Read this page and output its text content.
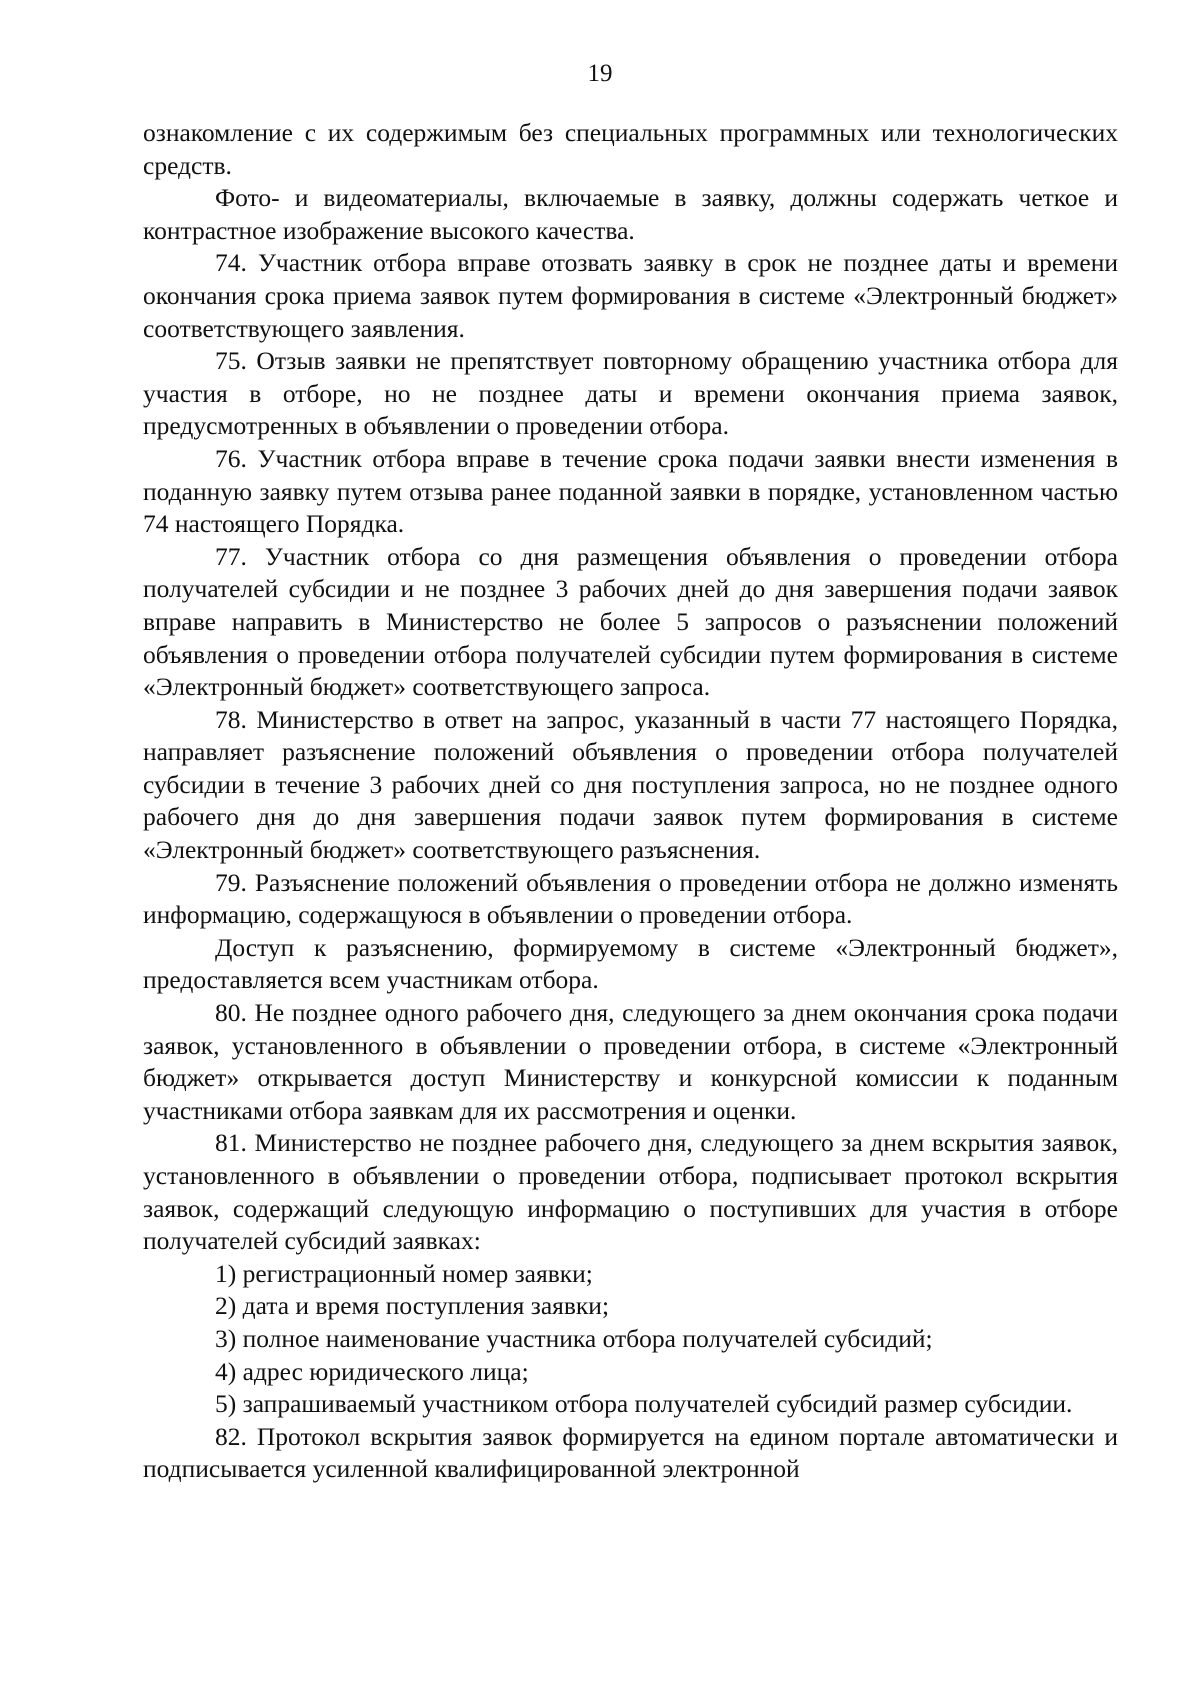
19

ознакомление с их содержимым без специальных программных или технологических средств.

Фото- и видеоматериалы, включаемые в заявку, должны содержать четкое и контрастное изображение высокого качества.

74. Участник отбора вправе отозвать заявку в срок не позднее даты и времени окончания срока приема заявок путем формирования в системе «Электронный бюджет» соответствующего заявления.

75. Отзыв заявки не препятствует повторному обращению участника отбора для участия в отборе, но не позднее даты и времени окончания приема заявок, предусмотренных в объявлении о проведении отбора.

76. Участник отбора вправе в течение срока подачи заявки внести изменения в поданную заявку путем отзыва ранее поданной заявки в порядке, установленном частью 74 настоящего Порядка.

77. Участник отбора со дня размещения объявления о проведении отбора получателей субсидии и не позднее 3 рабочих дней до дня завершения подачи заявок вправе направить в Министерство не более 5 запросов о разъяснении положений объявления о проведении отбора получателей субсидии путем формирования в системе «Электронный бюджет» соответствующего запроса.

78. Министерство в ответ на запрос, указанный в части 77 настоящего Порядка, направляет разъяснение положений объявления о проведении отбора получателей субсидии в течение 3 рабочих дней со дня поступления запроса, но не позднее одного рабочего дня до дня завершения подачи заявок путем формирования в системе «Электронный бюджет» соответствующего разъяснения.

79. Разъяснение положений объявления о проведении отбора не должно изменять информацию, содержащуюся в объявлении о проведении отбора.

Доступ к разъяснению, формируемому в системе «Электронный бюджет», предоставляется всем участникам отбора.

80. Не позднее одного рабочего дня, следующего за днем окончания срока подачи заявок, установленного в объявлении о проведении отбора, в системе «Электронный бюджет» открывается доступ Министерству и конкурсной комиссии к поданным участниками отбора заявкам для их рассмотрения и оценки.

81. Министерство не позднее рабочего дня, следующего за днем вскрытия заявок, установленного в объявлении о проведении отбора, подписывает протокол вскрытия заявок, содержащий следующую информацию о поступивших для участия в отборе получателей субсидий заявках:

1) регистрационный номер заявки;

2) дата и время поступления заявки;

3) полное наименование участника отбора получателей субсидий;

4) адрес юридического лица;

5) запрашиваемый участником отбора получателей субсидий размер субсидии.

82. Протокол вскрытия заявок формируется на едином портале автоматически и подписывается усиленной квалифицированной электронной
